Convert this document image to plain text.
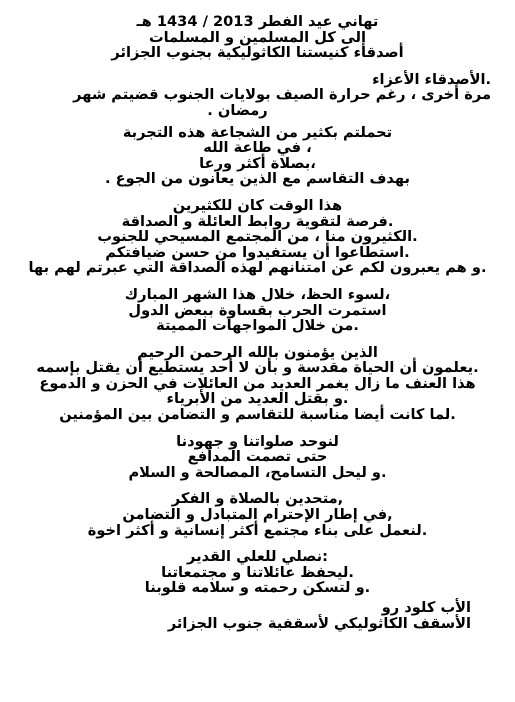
تهاني عيد الفطر 2013 / 1434 هـ

إلى كل المسلمين و المسلمات

أصدقاء كنيستنا الكاثوليكية بجنوب الجزائر

.الأصدقاء الأعزاء

مرة أخرى ، رغم حرارة الصيف بولايات الجنوب قضيتم شهر

رمضان .

تحملتم بكثير من الشجاعة هذه التجربة

، في طاعة الله

،بصلاة أكثر ورعا

بهدف التقاسم مع الذين يعانون من الجوع .

هذا الوقت كان للكثيرين

.فرصة لتقوية روابط العائلة و الصداقة

.الكثيرون منا ، من المجتمع المسيحي للجنوب

.استطاعوا أن يستفيدوا من حسن ضيافتكم

.و هم يعبرون لكم عن امتنانهم لهذه الصداقة التي عبرتم لهم بها

،لسوء الحظ، خلال هذا الشهر المبارك

استمرت الحرب بقساوة ببعض الدول

.من خلال المواجهات المميتة

الذين يؤمنون بالله الرحمن الرحيم

.يعلمون أن الحياة مقدسة و بأن لا أحد يستطيع أن يقتل بإسمه

هذا العنف ما زال يغمر العديد من العائلات في الحزن و الدموع

.و بقتل العديد من الأبرياء

.لما كانت أيضا مناسبة للتقاسم و التضامن بين المؤمنين

لنوحد صلواتنا و جهودنا

حتى تصمت المدافع

.و ليحل التسامح، المصالحة و السلام

,متحدين بالصلاة و الفكر

,في إطار الإحترام المتبادل و التضامن

.لنعمل على بناء مجتمع أكثر إنسانية و أكثر اخوة

:نصلي للعلي القدير

.ليحفظ عائلاتنا و مجتمعاتنا

.و لتسكن رحمته و سلامه قلوبنا

الأب كلود رو

الأسقف الكاثوليكي لأسقفية جنوب الجزائر
